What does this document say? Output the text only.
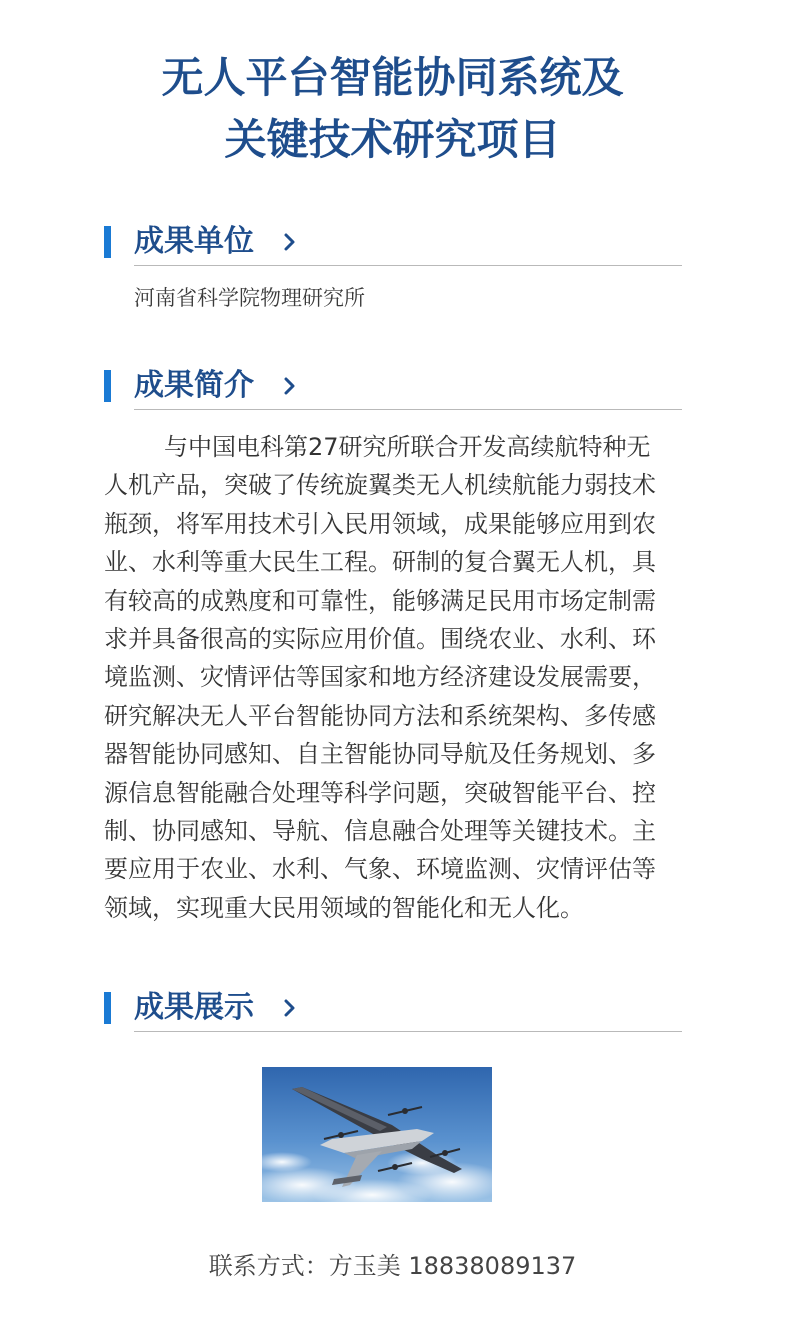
无人平台智能协同系统及
关键技术研究项目
成果单位
河南省科学院物理研究所
成果简介
与中国电科第27研究所联合开发高续航特种无
人机产品，突破了传统旋翼类无人机续航能力弱技术
瓶颈，将军用技术引入民用领域，成果能够应用到农
业、水利等重大民生工程。研制的复合翼无人机，具
有较高的成熟度和可靠性，能够满足民用市场定制需
求并具备很高的实际应用价值。围绕农业、水利、环
境监测、灾情评估等国家和地方经济建设发展需要，
研究解决无人平台智能协同方法和系统架构、多传感
器智能协同感知、自主智能协同导航及任务规划、多
源信息智能融合处理等科学问题，突破智能平台、控
制、协同感知、导航、信息融合处理等关键技术。主
要应用于农业、水利、气象、环境监测、灾情评估等
领域，实现重大民用领域的智能化和无人化。
成果展示
联系方式：方玉美 18838089137
